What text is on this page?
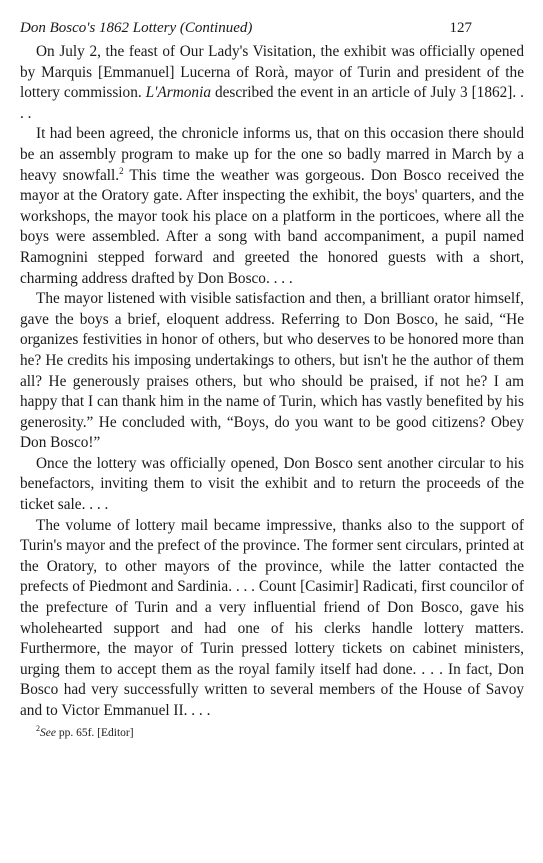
Don Bosco's 1862 Lottery (Continued)	127

On July 2, the feast of Our Lady's Visitation, the exhibit was officially opened by Marquis [Emmanuel] Lucerna of Rorà, mayor of Turin and president of the lottery commission. L'Armonia described the event in an article of July 3 [1862]. . . .

It had been agreed, the chronicle informs us, that on this occasion there should be an assembly program to make up for the one so badly marred in March by a heavy snowfall.$^2$ This time the weather was gorgeous. Don Bosco received the mayor at the Oratory gate. After inspecting the exhibit, the boys' quarters, and the workshops, the mayor took his place on a platform in the porticoes, where all the boys were assembled. After a song with band accompaniment, a pupil named Ramognini stepped forward and greeted the honored guests with a short, charming address drafted by Don Bosco. . . .

The mayor listened with visible satisfaction and then, a brilliant orator himself, gave the boys a brief, eloquent address. Referring to Don Bosco, he said, “He organizes festivities in honor of others, but who deserves to be honored more than he? He credits his imposing undertakings to others, but isn't he the author of them all? He generously praises others, but who should be praised, if not he? I am happy that I can thank him in the name of Turin, which has vastly benefited by his generosity.” He concluded with, “Boys, do you want to be good citizens? Obey Don Bosco!”

Once the lottery was officially opened, Don Bosco sent another circular to his benefactors, inviting them to visit the exhibit and to return the proceeds of the ticket sale. . . .

The volume of lottery mail became impressive, thanks also to the support of Turin's mayor and the prefect of the province. The former sent circulars, printed at the Oratory, to other mayors of the province, while the latter contacted the prefects of Piedmont and Sardinia. . . . Count [Casimir] Radicati, first councilor of the prefecture of Turin and a very influential friend of Don Bosco, gave his wholehearted support and had one of his clerks handle lottery matters. Furthermore, the mayor of Turin pressed lottery tickets on cabinet ministers, urging them to accept them as the royal family itself had done. . . . In fact, Don Bosco had very successfully written to several members of the House of Savoy and to Victor Emmanuel II. . . .

$^2$See pp. 65f. [Editor]
